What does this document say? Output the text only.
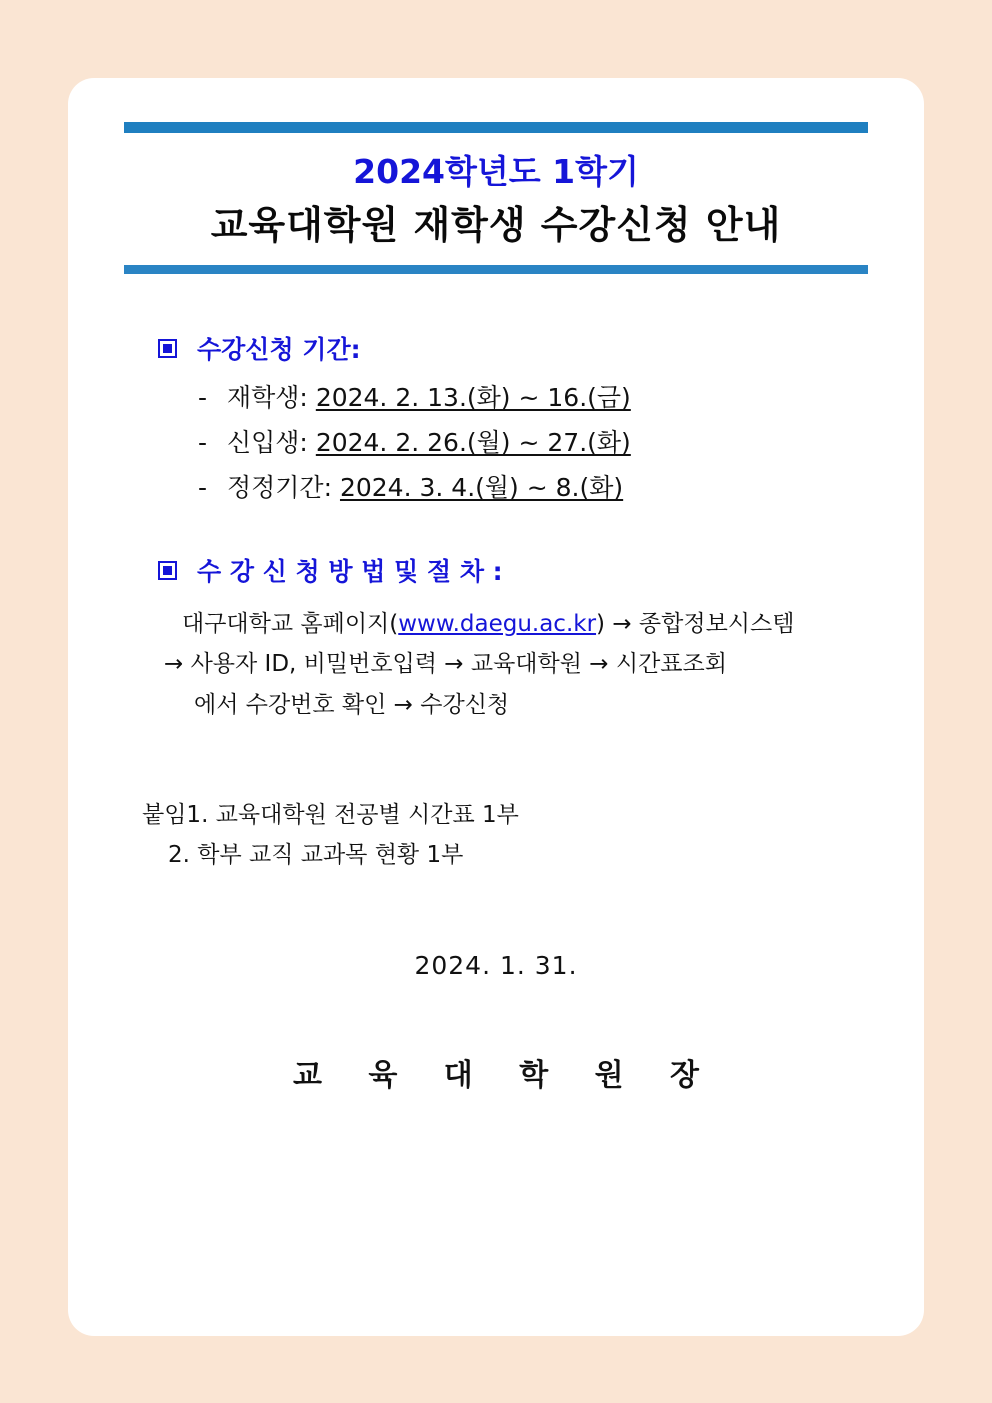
2024학년도 1학기
교육대학원 재학생 수강신청 안내
수강신청 기간:
- 재학생: 2024. 2. 13.(화) ~ 16.(금)
- 신입생: 2024. 2. 26.(월) ~ 27.(화)
- 정정기간: 2024. 3. 4.(월) ~ 8.(화)
수 강 신 청 방 법 및 절 차 :
대구대학교 홈페이지(www.daegu.ac.kr) → 종합정보시스템
→ 사용자 ID, 비밀번호입력 → 교육대학원 → 시간표조회
에서 수강번호 확인 → 수강신청
붙임1. 교육대학원 전공별 시간표 1부
2. 학부 교직 교과목 현황 1부
2024. 1. 31.
교 육 대 학 원 장
